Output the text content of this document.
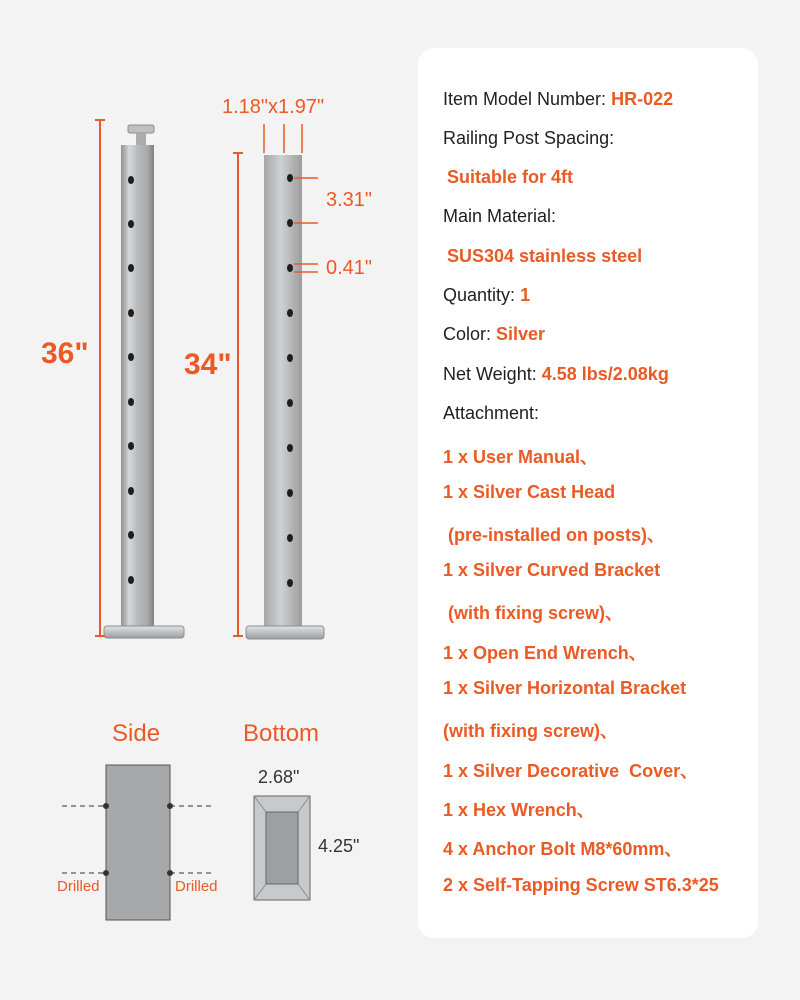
36"	34"
1.18"x1.97"
3.31"
0.41"
Side	Bottom
Drilled	Drilled
2.68"
4.25"
Item Model Number: HR-022
Railing Post Spacing:
Suitable for 4ft
Main Material:
SUS304 stainless steel
Quantity: 1
Color: Silver
Net Weight: 4.58 lbs/2.08kg
Attachment:
1 x User Manual、
1 x Silver Cast Head
(pre-installed on posts)、
1 x Silver Curved Bracket
(with fixing screw)、
1 x Open End Wrench、
1 x Silver Horizontal Bracket
(with fixing screw)、
1 x Silver Decorative  Cover、
1 x Hex Wrench、
4 x Anchor Bolt M8*60mm、
2 x Self-Tapping Screw ST6.3*25
